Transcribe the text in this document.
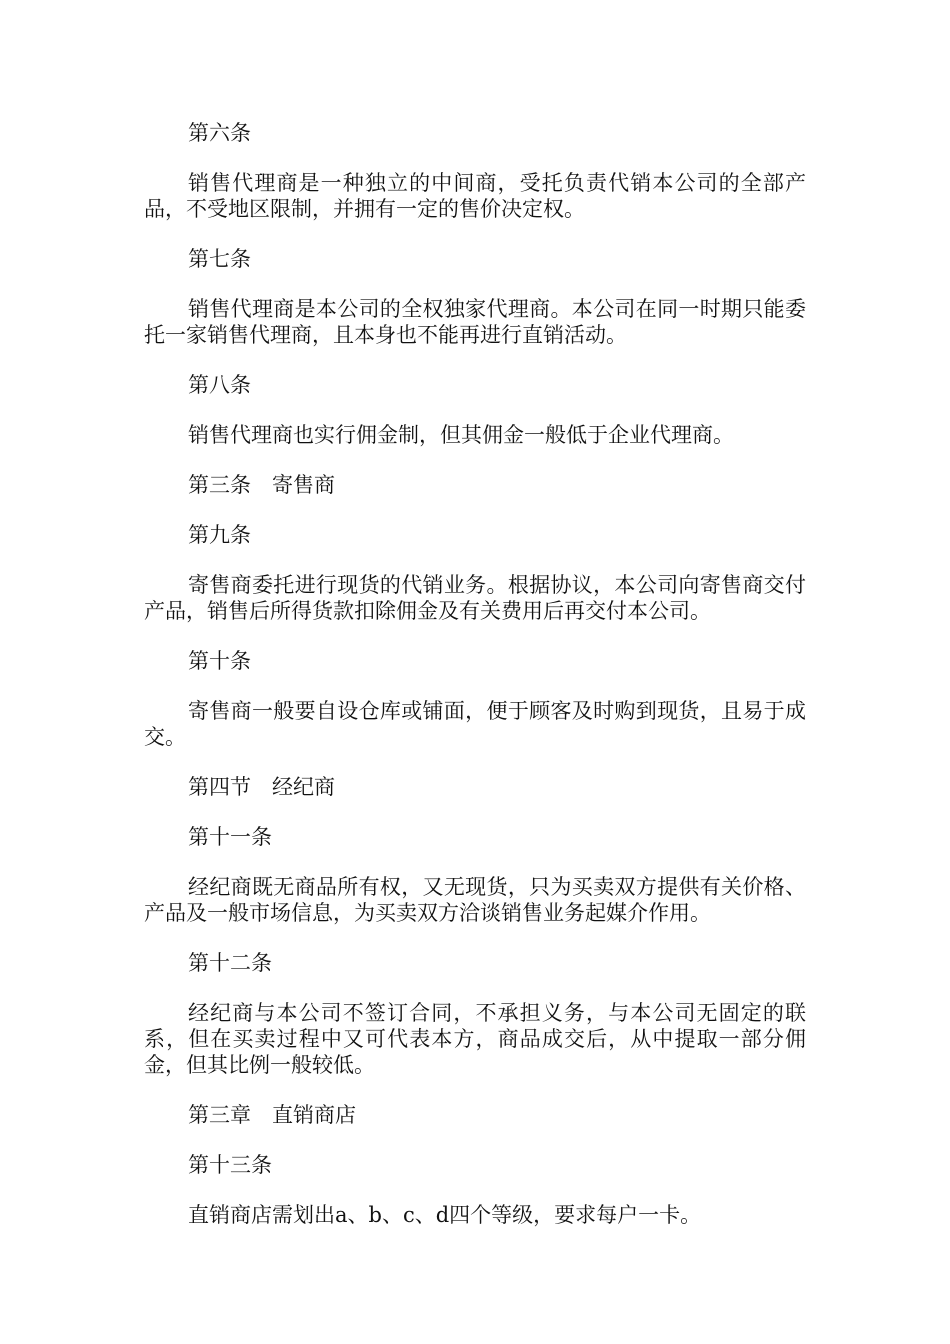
第六条

销售代理商是一种独立的中间商，受托负责代销本公司的全部产品，不受地区限制，并拥有一定的售价决定权。

第七条

销售代理商是本公司的全权独家代理商。本公司在同一时期只能委托一家销售代理商，且本身也不能再进行直销活动。

第八条

销售代理商也实行佣金制，但其佣金一般低于企业代理商。

第三条　寄售商

第九条

寄售商委托进行现货的代销业务。根据协议，本公司向寄售商交付产品，销售后所得货款扣除佣金及有关费用后再交付本公司。

第十条

寄售商一般要自设仓库或铺面，便于顾客及时购到现货，且易于成交。

第四节　经纪商

第十一条

经纪商既无商品所有权，又无现货，只为买卖双方提供有关价格、产品及一般市场信息，为买卖双方洽谈销售业务起媒介作用。

第十二条

经纪商与本公司不签订合同，不承担义务，与本公司无固定的联系，但在买卖过程中又可代表本方，商品成交后，从中提取一部分佣金，但其比例一般较低。

第三章　直销商店

第十三条

直销商店需划出a、b、c、d四个等级，要求每户一卡。
